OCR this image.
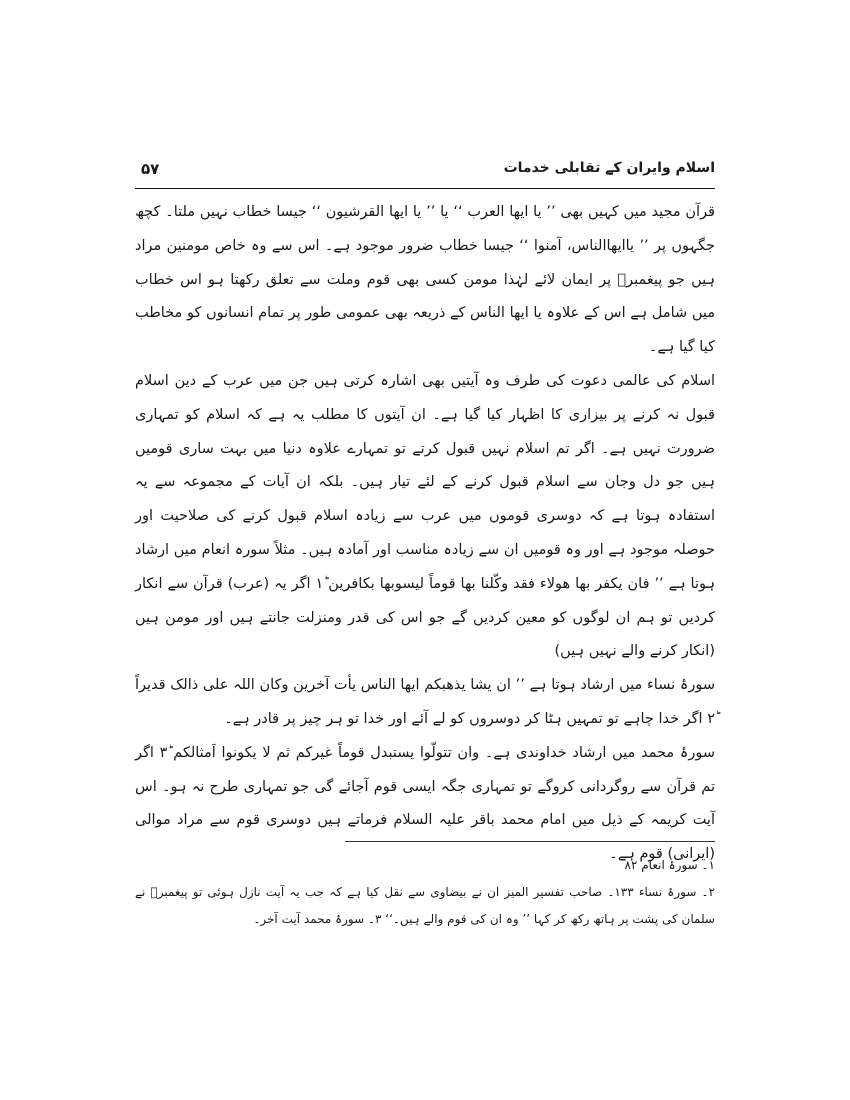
اسلام وایران کے تقابلی خدمات
۵۷

قرآن مجید میں کہیں بھی ’’ یا ایھا العرب ‘‘ یا ’’ یا ایھا القرشیون ‘‘ جیسا خطاب نہیں ملتا۔ کچھ جگہوں پر ’’ یاایھاالناس، آمنوا ‘‘ جیسا خطاب ضرور موجود ہے۔ اس سے وہ خاص مومنین مراد ہیں جو پیغمبرؐ پر ایمان لائے لہٰذا مومن کسی بھی قوم وملت سے تعلق رکھتا ہو اس خطاب میں شامل ہے اس کے علاوہ یا ایھا الناس کے ذریعہ بھی عمومی طور پر تمام انسانوں کو مخاطب کیا گیا ہے۔

اسلام کی عالمی دعوت کی طرف وہ آیتیں بھی اشارہ کرتی ہیں جن میں عرب کے دین اسلام قبول نہ کرنے پر بیزاری کا اظہار کیا گیا ہے۔ ان آیتوں کا مطلب یہ ہے کہ اسلام کو تمہاری ضرورت نہیں ہے۔ اگر تم اسلام نہیں قبول کرتے تو تمہارے علاوہ دنیا میں بہت ساری قومیں ہیں جو دل وجان سے اسلام قبول کرنے کے لئے تیار ہیں۔ بلکہ ان آیات کے مجموعہ سے یہ استفادہ ہوتا ہے کہ دوسری قوموں میں عرب سے زیادہ اسلام قبول کرنے کی صلاحیت اور حوصلہ موجود ہے اور وہ قومیں ان سے زیادہ مناسب اور آمادہ ہیں۔ مثلاً سورہ انعام میں ارشاد ہوتا ہے ’’ فان یکفر بھا ھولاء فقد وکّلنا بھا قوماً لیسوبھا بکافرین ۱ؕ اگر یہ (عرب) قرآن سے انکار کردیں تو ہم ان لوگوں کو معین کردیں گے جو اس کی قدر ومنزلت جانتے ہیں اور مومن ہیں (انکار کرنے والے نہیں ہیں)

سورۂ نساء میں ارشاد ہوتا ہے ’’ ان یشا یذھبکم ایھا الناس یأت آخرین وکان اللہ علی ذالک قدیراً ۲ؕ اگر خدا چاہے تو تمہیں ہٹا کر دوسروں کو لے آئے اور خدا تو ہر چیز پر قادر ہے۔

سورۂ محمد میں ارشاد خداوندی ہے۔ وان تتولّوا یستبدل قوماً غیرکم ثم لا یکونوا اَمثالکم ۳ؕ اگر تم قرآن سے روگردانی کروگے تو تمہاری جگہ ایسی قوم آجائے گی جو تمہاری طرح نہ ہو۔ اس آیت کریمہ کے ذیل میں امام محمد باقر علیہ السلام فرماتے ہیں دوسری قوم سے مراد موالی (ایرانی) قوم ہے۔

۱۔ سورۂ انعام ۸۲

۲۔ سورۂ نساء ۱۳۳۔ صاحب تفسیر المیز ان نے بیضاوی سے نقل کیا ہے کہ جب یہ آیت نازل ہوئی تو پیغمبرؐ نے سلمان کی پشت پر ہاتھ رکھ کر کہا ’’ وہ ان کی قوم والے ہیں۔‘‘ ۳۔ سورۂ محمد آیت آخر۔
